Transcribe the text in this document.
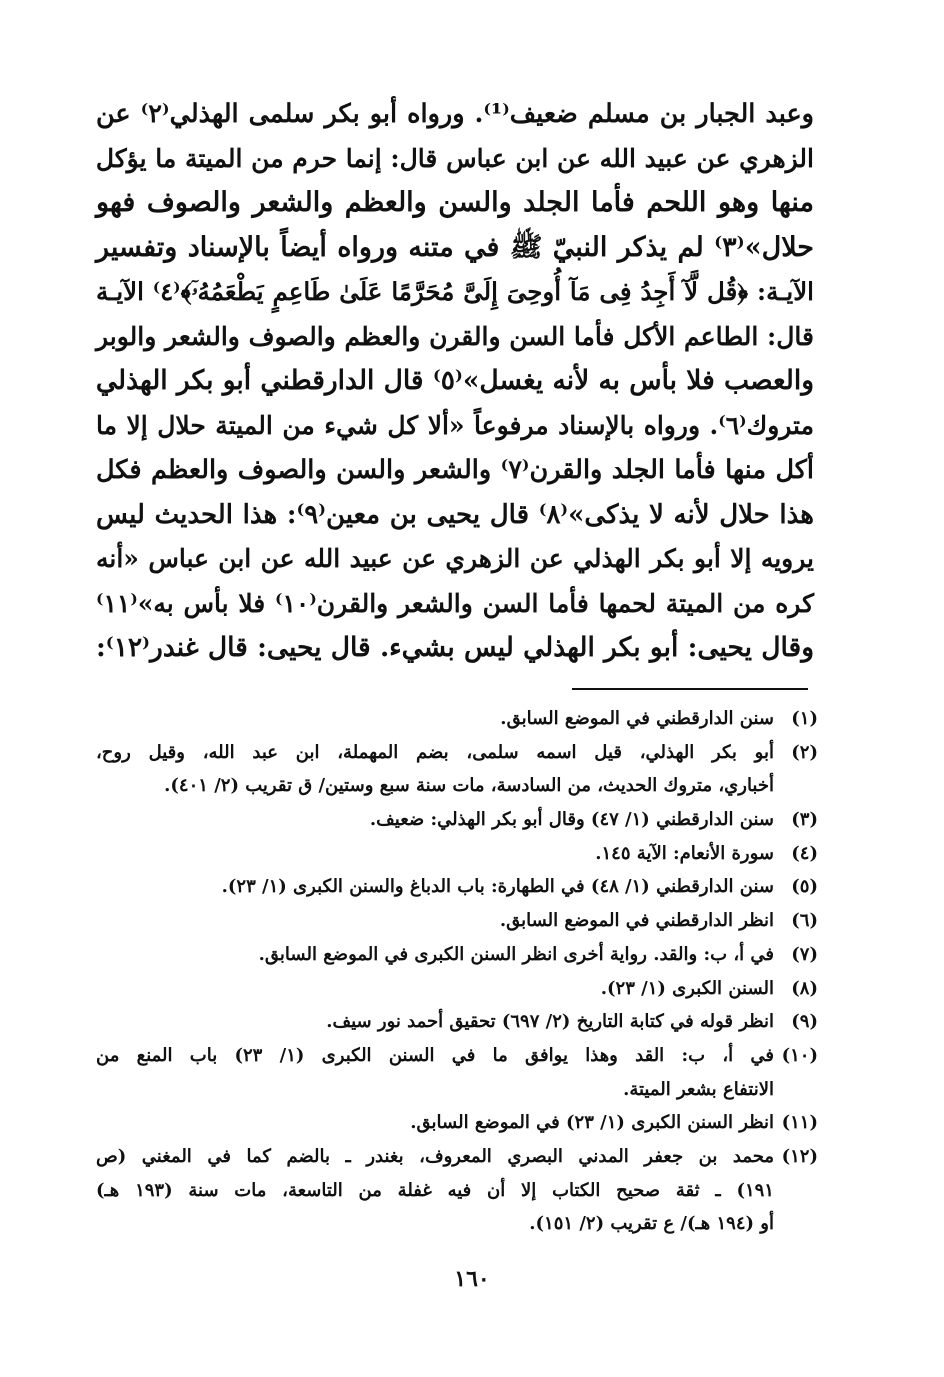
وعبد الجبار بن مسلم ضعيف⁽¹⁾. ورواه أبو بكر سلمى الهذلي⁽٢⁾ عن
الزهري عن عبيد الله عن ابن عباس قال: إنما حرم من الميتة ما يؤكل
منها وهو اللحم فأما الجلد والسن والعظم والشعر والصوف فهو
حلال»⁽٣⁾ لم يذكر النبيّ ﷺ في متنه ورواه أيضاً بالإسناد وتفسير
الآيـة: ﴿قُل لَّآ أَجِدُ فِى مَآ أُوحِىَ إِلَىَّ مُحَرَّمًا عَلَىٰ طَاعِمٍ يَطْعَمُهُۥٓ﴾⁽٤⁾ الآيـة
قال: الطاعم الأكل فأما السن والقرن والعظم والصوف والشعر والوبر
والعصب فلا بأس به لأنه يغسل»⁽٥⁾ قال الدارقطني أبو بكر الهذلي
متروك⁽٦⁾. ورواه بالإسناد مرفوعاً «ألا كل شيء من الميتة حلال إلا ما
أكل منها فأما الجلد والقرن⁽٧⁾ والشعر والسن والصوف والعظم فكل
هذا حلال لأنه لا يذكى»⁽٨⁾ قال يحيى بن معين⁽٩⁾: هذا الحديث ليس
يرويه إلا أبو بكر الهذلي عن الزهري عن عبيد الله عن ابن عباس «أنه
كره من الميتة لحمها فأما السن والشعر والقرن⁽١٠⁾ فلا بأس به»⁽١١⁾
وقال يحيى: أبو بكر الهذلي ليس بشيء. قال يحيى: قال غندر⁽١٢⁾:
(١)
سنن الدارقطني في الموضع السابق.
(٢)
أبو بكر الهذلي، قيل اسمه سلمى، بضم المهملة، ابن عبد الله، وقيل روح،
أخباري، متروك الحديث، من السادسة، مات سنة سبع وستين/ ق تقريب (٢/ ٤٠١).
(٣)
سنن الدارقطني (١/ ٤٧) وقال أبو بكر الهذلي: ضعيف.
(٤)
سورة الأنعام: الآية ١٤٥.
(٥)
سنن الدارقطني (١/ ٤٨) في الطهارة: باب الدباغ والسنن الكبرى (١/ ٢٣).
(٦)
انظر الدارقطني في الموضع السابق.
(٧)
في أ، ب: والقد. رواية أخرى انظر السنن الكبرى في الموضع السابق.
(٨)
السنن الكبرى (١/ ٢٣).
(٩)
انظر قوله في كتابة التاريخ (٢/ ٦٩٧) تحقيق أحمد نور سيف.
(١٠)
في أ، ب: القد وهذا يوافق ما في السنن الكبرى (١/ ٢٣) باب المنع من
الانتفاع بشعر الميتة.
(١١)
انظر السنن الكبرى (١/ ٢٣) في الموضع السابق.
(١٢)
محمد بن جعفر المدني البصري المعروف، بغندر ـ بالضم كما في المغني (ص
١٩١) ـ ثقة صحيح الكتاب إلا أن فيه غفلة من التاسعة، مات سنة (١٩٣ هـ)
أو (١٩٤ هـ)/ ع تقريب (٢/ ١٥١).
١٦٠
